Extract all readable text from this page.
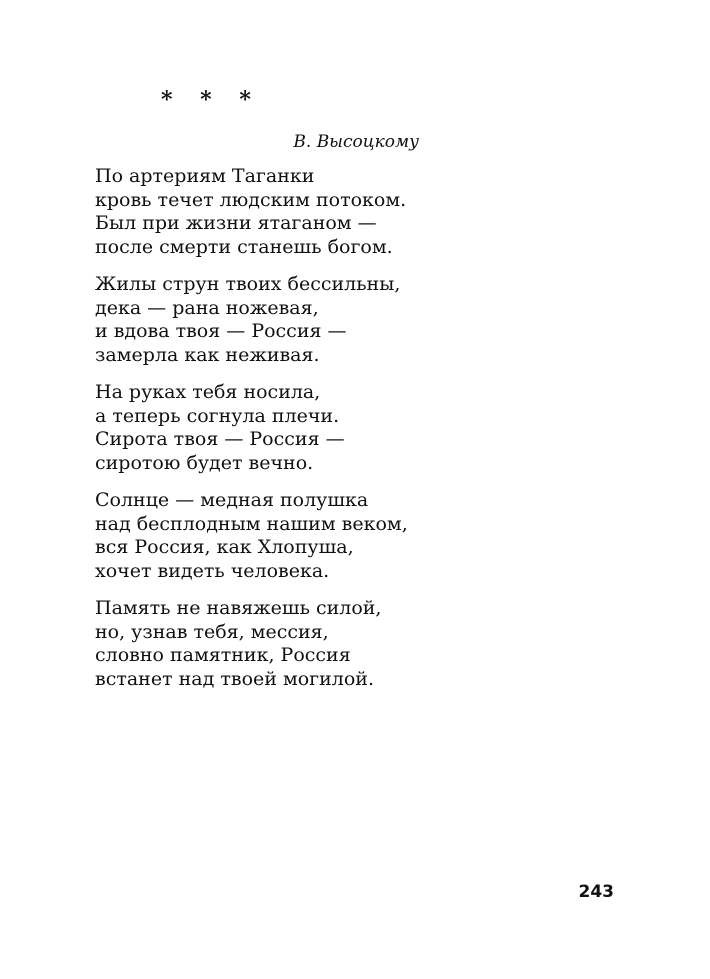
* * *
В. Высоцкому
По артериям Таганки
кровь течет людским потоком.
Был при жизни ятаганом —
после смерти станешь богом.
Жилы струн твоих бессильны,
дека — рана ножевая,
и вдова твоя — Россия —
замерла как неживая.
На руках тебя носила,
а теперь согнула плечи.
Сирота твоя — Россия —
сиротою будет вечно.
Солнце — медная полушка
над бесплодным нашим веком,
вся Россия, как Хлопуша,
хочет видеть человека.
Память не навяжешь силой,
но, узнав тебя, мессия,
словно памятник, Россия
встанет над твоей могилой.
243
